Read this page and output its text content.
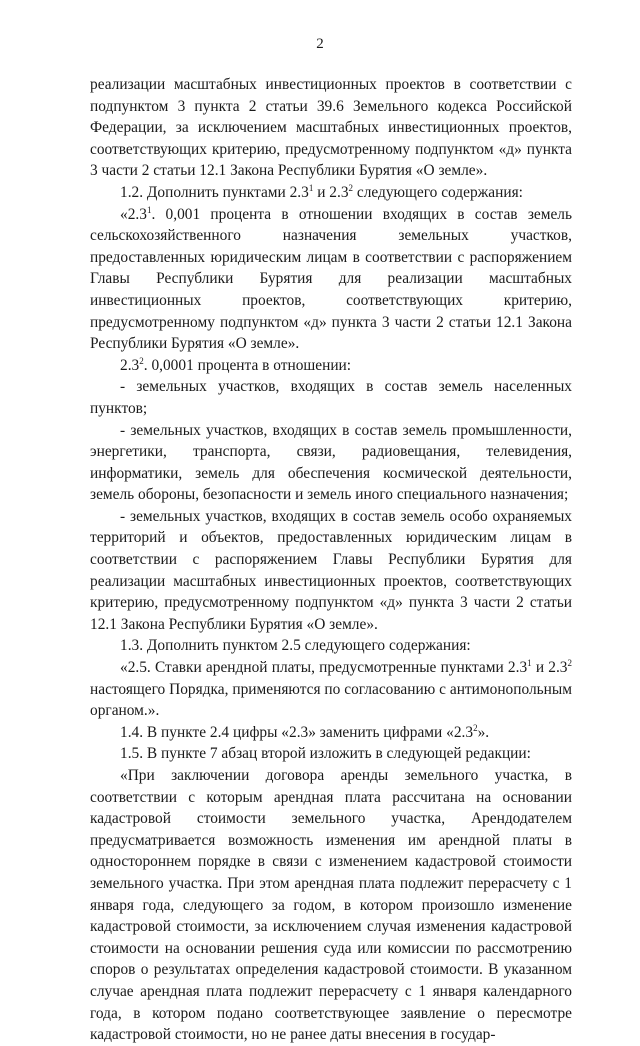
2

реализации масштабных инвестиционных проектов в соответствии с подпунктом 3 пункта 2 статьи 39.6 Земельного кодекса Российской Федерации, за исключением масштабных инвестиционных проектов, соответствующих критерию, предусмотренному подпунктом «д» пункта 3 части 2 статьи 12.1 Закона Республики Бурятия «О земле».

1.2. Дополнить пунктами $2.3^1$ и $2.3^2$ следующего содержания:

«$2.3^1$. 0,001 процента в отношении входящих в состав земель сельскохозяйственного назначения земельных участков, предоставленных юридическим лицам в соответствии с распоряжением Главы Республики Бурятия для реализации масштабных инвестиционных проектов, соответствующих критерию, предусмотренному подпунктом «д» пункта 3 части 2 статьи 12.1 Закона Республики Бурятия «О земле».

$2.3^2$. 0,0001 процента в отношении:

- земельных участков, входящих в состав земель населенных пунктов;

- земельных участков, входящих в состав земель промышленности, энергетики, транспорта, связи, радиовещания, телевидения, информатики, земель для обеспечения космической деятельности, земель обороны, безопасности и земель иного специального назначения;

- земельных участков, входящих в состав земель особо охраняемых территорий и объектов, предоставленных юридическим лицам в соответствии с распоряжением Главы Республики Бурятия для реализации масштабных инвестиционных проектов, соответствующих критерию, предусмотренному подпунктом «д» пункта 3 части 2 статьи 12.1 Закона Республики Бурятия «О земле».

1.3. Дополнить пунктом 2.5 следующего содержания:

«2.5. Ставки арендной платы, предусмотренные пунктами $2.3^1$ и $2.3^2$ настоящего Порядка, применяются по согласованию с антимонопольным органом.».

1.4. В пункте 2.4 цифры «2.3» заменить цифрами «$2.3^2$».

1.5. В пункте 7 абзац второй изложить в следующей редакции:

«При заключении договора аренды земельного участка, в соответствии с которым арендная плата рассчитана на основании кадастровой стоимости земельного участка, Арендодателем предусматривается возможность изменения им арендной платы в одностороннем порядке в связи с изменением кадастровой стоимости земельного участка. При этом арендная плата подлежит перерасчету с 1 января года, следующего за годом, в котором произошло изменение кадастровой стоимости, за исключением случая изменения кадастровой стоимости на основании решения суда или комиссии по рассмотрению споров о результатах определения кадастровой стоимости. В указанном случае арендная плата подлежит перерасчету с 1 января календарного года, в котором подано соответствующее заявление о пересмотре кадастровой стоимости, но не ранее даты внесения в государ-
